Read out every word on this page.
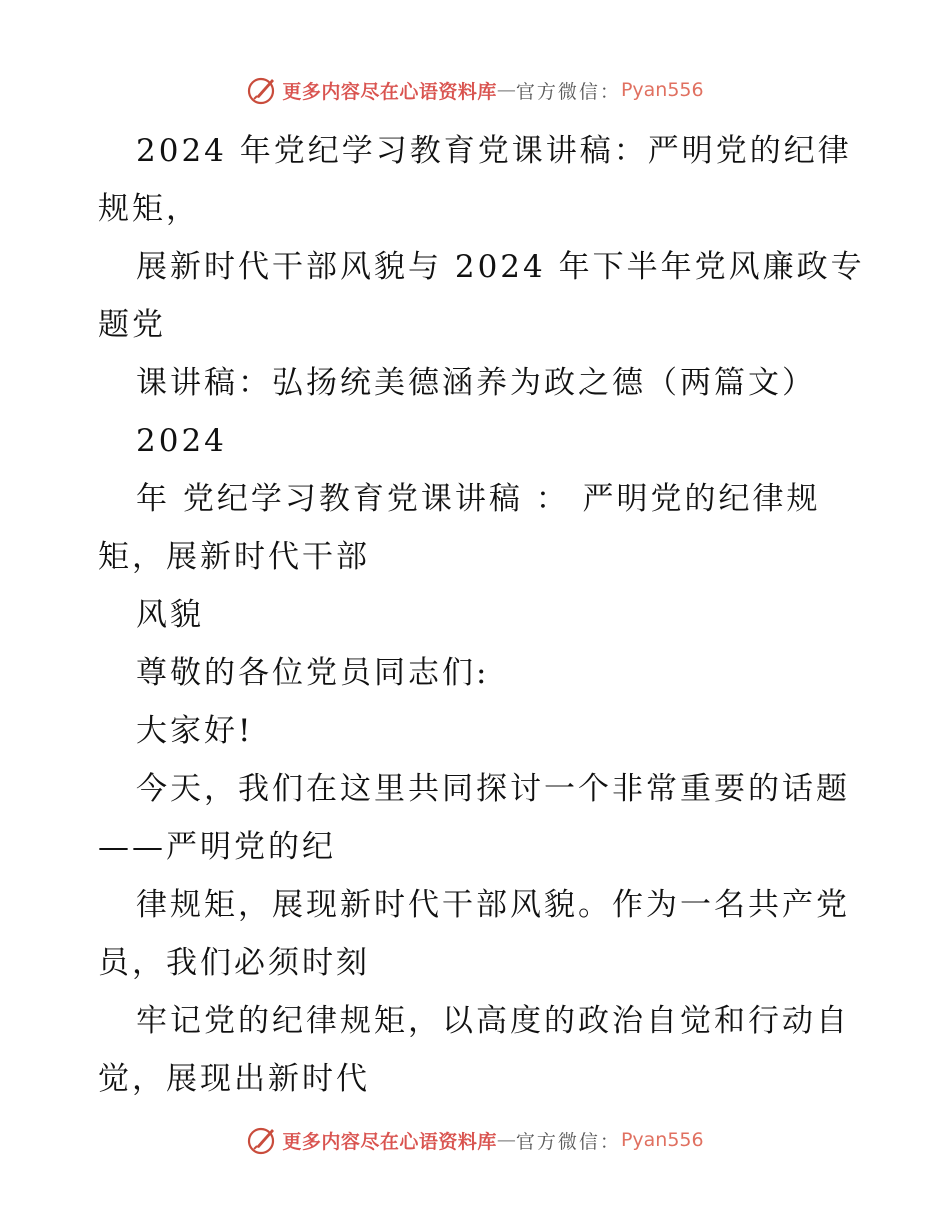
更多内容尽在心语资料库 — 官方微信： Pyan556
2024 年党纪学习教育党课讲稿：严明党的纪律
规矩，
展新时代干部风貌与 2024 年下半年党风廉政专
题党
课讲稿：弘扬统美德涵养为政之德（两篇文）
2024
年 党纪学习教育党课讲稿 ： 严明党的纪律规
矩，展新时代干部
风貌
尊敬的各位党员同志们:
大家好!
今天，我们在这里共同探讨一个非常重要的话题
——严明党的纪
律规矩，展现新时代干部风貌。作为一名共产党
员，我们必须时刻
牢记党的纪律规矩，以高度的政治自觉和行动自
觉，展现出新时代
更多内容尽在心语资料库 — 官方微信： Pyan556
